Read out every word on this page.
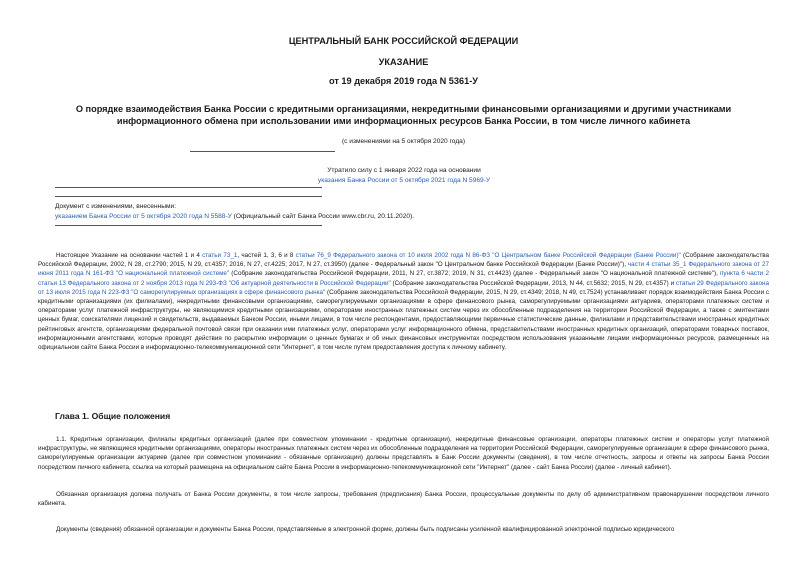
ЦЕНТРАЛЬНЫЙ БАНК РОССИЙСКОЙ ФЕДЕРАЦИИ
УКАЗАНИЕ
от 19 декабря 2019 года N 5361-У
О порядке взаимодействия Банка России с кредитными организациями, некредитными финансовыми организациями и другими участниками информационного обмена при использовании ими информационных ресурсов Банка России, в том числе личного кабинета
(с изменениями на 5 октября 2020 года)
Утратило силу с 1 января 2022 года на основании
указания Банка России от 5 октября 2021 года N 5969-У
Документ с изменениями, внесенными:
указанием Банка России от 5 октября 2020 года N 5588-У (Официальный сайт Банка России www.cbr.ru, 20.11.2020).
Настоящее Указание на основании частей 1 и 4 статьи 73_1, частей 1, 3, 6 и 8 статьи 76_9 Федерального закона от 10 июля 2002 года N 86-ФЗ "О Центральном банке Российской Федерации (Банке России)" (Собрание законодательства Российской Федерации, 2002, N 28, ст.2790; 2015, N 29, ст.4357; 2016, N 27, ст.4225; 2017, N 27, ст.3950) (далее - Федеральный закон "О Центральном банке Российской Федерации (Банке России)"), части 4 статьи 35_1 Федерального закона от 27 июня 2011 года N 161-ФЗ "О национальной платежной системе" (Собрание законодательства Российской Федерации, 2011, N 27, ст.3872; 2019, N 31, ст.4423) (далее - Федеральный закон "О национальной платежной системе"), пункта 6 части 2 статьи 13 Федерального закона от 2 ноября 2013 года N 293-ФЗ "Об актуарной деятельности в Российской Федерации" (Собрание законодательства Российской Федерации, 2013, N 44, ст.5632; 2015, N 29, ст.4357) и статьи 29 Федерального закона от 13 июля 2015 года N 223-ФЗ "О саморегулируемых организациях в сфере финансового рынка" (Собрание законодательства Российской Федерации, 2015, N 29, ст.4349; 2018, N 49, ст.7524) устанавливает порядок взаимодействия Банка России с кредитными организациями (их филиалами), некредитными финансовыми организациями, саморегулируемыми организациями в сфере финансового рынка, саморегулируемыми организациями актуариев, операторами платежных систем и операторами услуг платежной инфраструктуры, не являющимися кредитными организациями, операторами иностранных платежных систем через их обособленные подразделения на территории Российской Федерации, а также с эмитентами ценных бумаг, соискателями лицензий и свидетельств, выдаваемых Банком России, иными лицами, в том числе респондентами, предоставляющими первичные статистические данные, филиалами и представительствами иностранных кредитных рейтинговых агентств, организациями федеральной почтовой связи при оказании ими платежных услуг, операторами услуг информационного обмена, представительствами иностранных кредитных организаций, операторами товарных поставок, информационными агентствами, которые проводят действия по раскрытию информации о ценных бумагах и об иных финансовых инструментах посредством использования указанными лицами информационных ресурсов, размещенных на официальном сайте Банка России в информационно-телекоммуникационной сети "Интернет", в том числе путем предоставления доступа к личному кабинету.
Глава 1. Общие положения
1.1. Кредитные организации, филиалы кредитных организаций (далее при совместном упоминании - кредитные организации), некредитные финансовые организации, операторы платежных систем и операторы услуг платежной инфраструктуры, не являющиеся кредитными организациями, операторы иностранных платежных систем через их обособленные подразделения на территории Российской Федерации, саморегулируемые организации в сфере финансового рынка, саморегулируемые организации актуариев (далее при совместном упоминании - обязанные организации) должны представлять в Банк России документы (сведения), в том числе отчетность, запросы и ответы на запросы Банка России посредством личного кабинета, ссылка на который размещена на официальном сайте Банка России в информационно-телекоммуникационной сети "Интернет" (далее - сайт Банка России) (далее - личный кабинет).
Обязанная организация должна получать от Банка России документы, в том числе запросы, требования (предписания) Банка России, процессуальные документы по делу об административном правонарушении посредством личного кабинета.
Документы (сведения) обязанной организации и документы Банка России, представляемые в электронной форме, должны быть подписаны усиленной квалифицированной электронной подписью юридического
